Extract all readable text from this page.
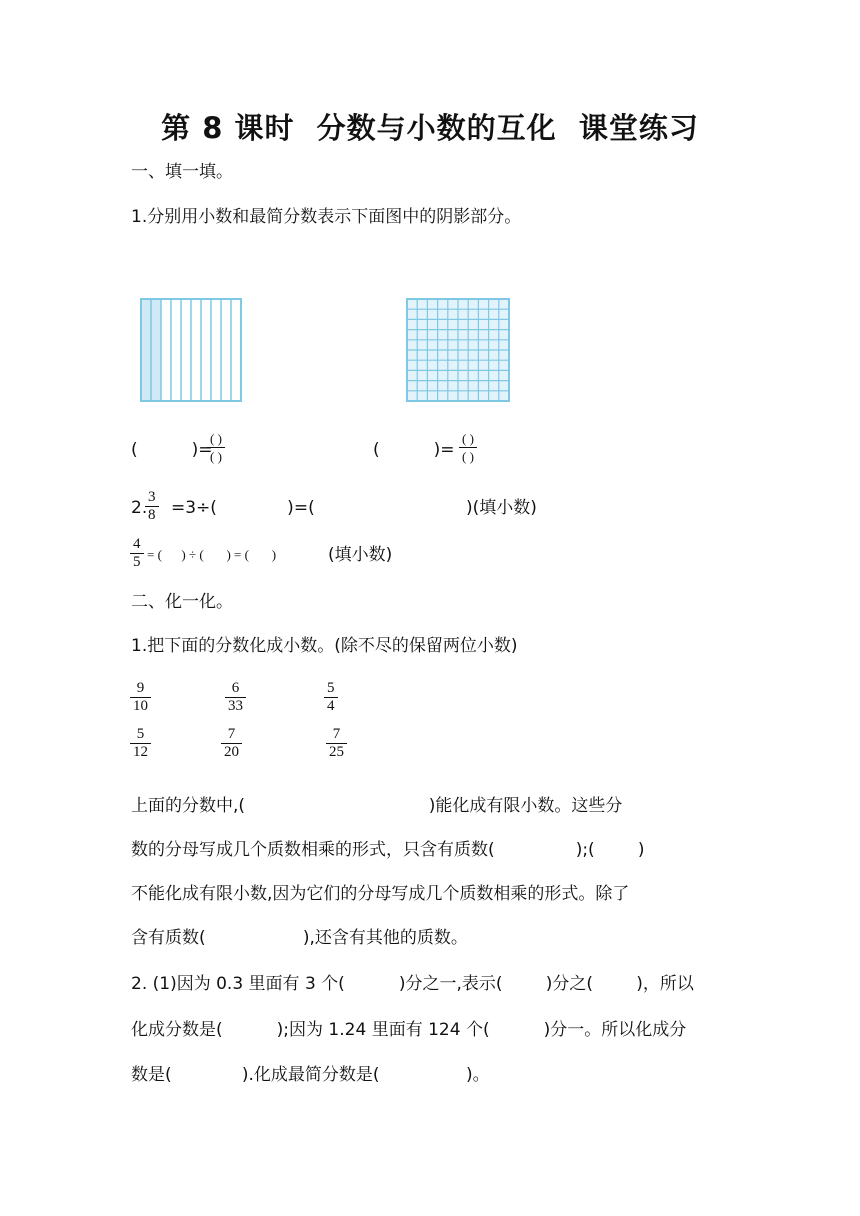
第 8 课时  分数与小数的互化  课堂练习
一、填一填。
1.分别用小数和最简分数表示下面图中的阴影部分。
(          )=
( )
( )	(          )=
( )
( )
2.
3
8 =3÷(             )=(                            )(填小数)
4
5 = (      ) ÷ (       ) = (       )	(填小数)
二、化一化。
1.把下面的分数化成小数。(除不尽的保留两位小数)
9
10
6
33
5
4
5
12
7
20
7
25
上面的分数中,(                                  )能化成有限小数。这些分
数的分母写成几个质数相乘的形式，只含有质数(               );(        )
不能化成有限小数,因为它们的分母写成几个质数相乘的形式。除了
含有质数(                  ),还含有其他的质数。
2. (1)因为 0.3 里面有 3 个(          )分之一,表示(        )分之(        )，所以
化成分数是(          );因为 1.24 里面有 124 个(          )分一。所以化成分
数是(             ).化成最简分数是(                )。
